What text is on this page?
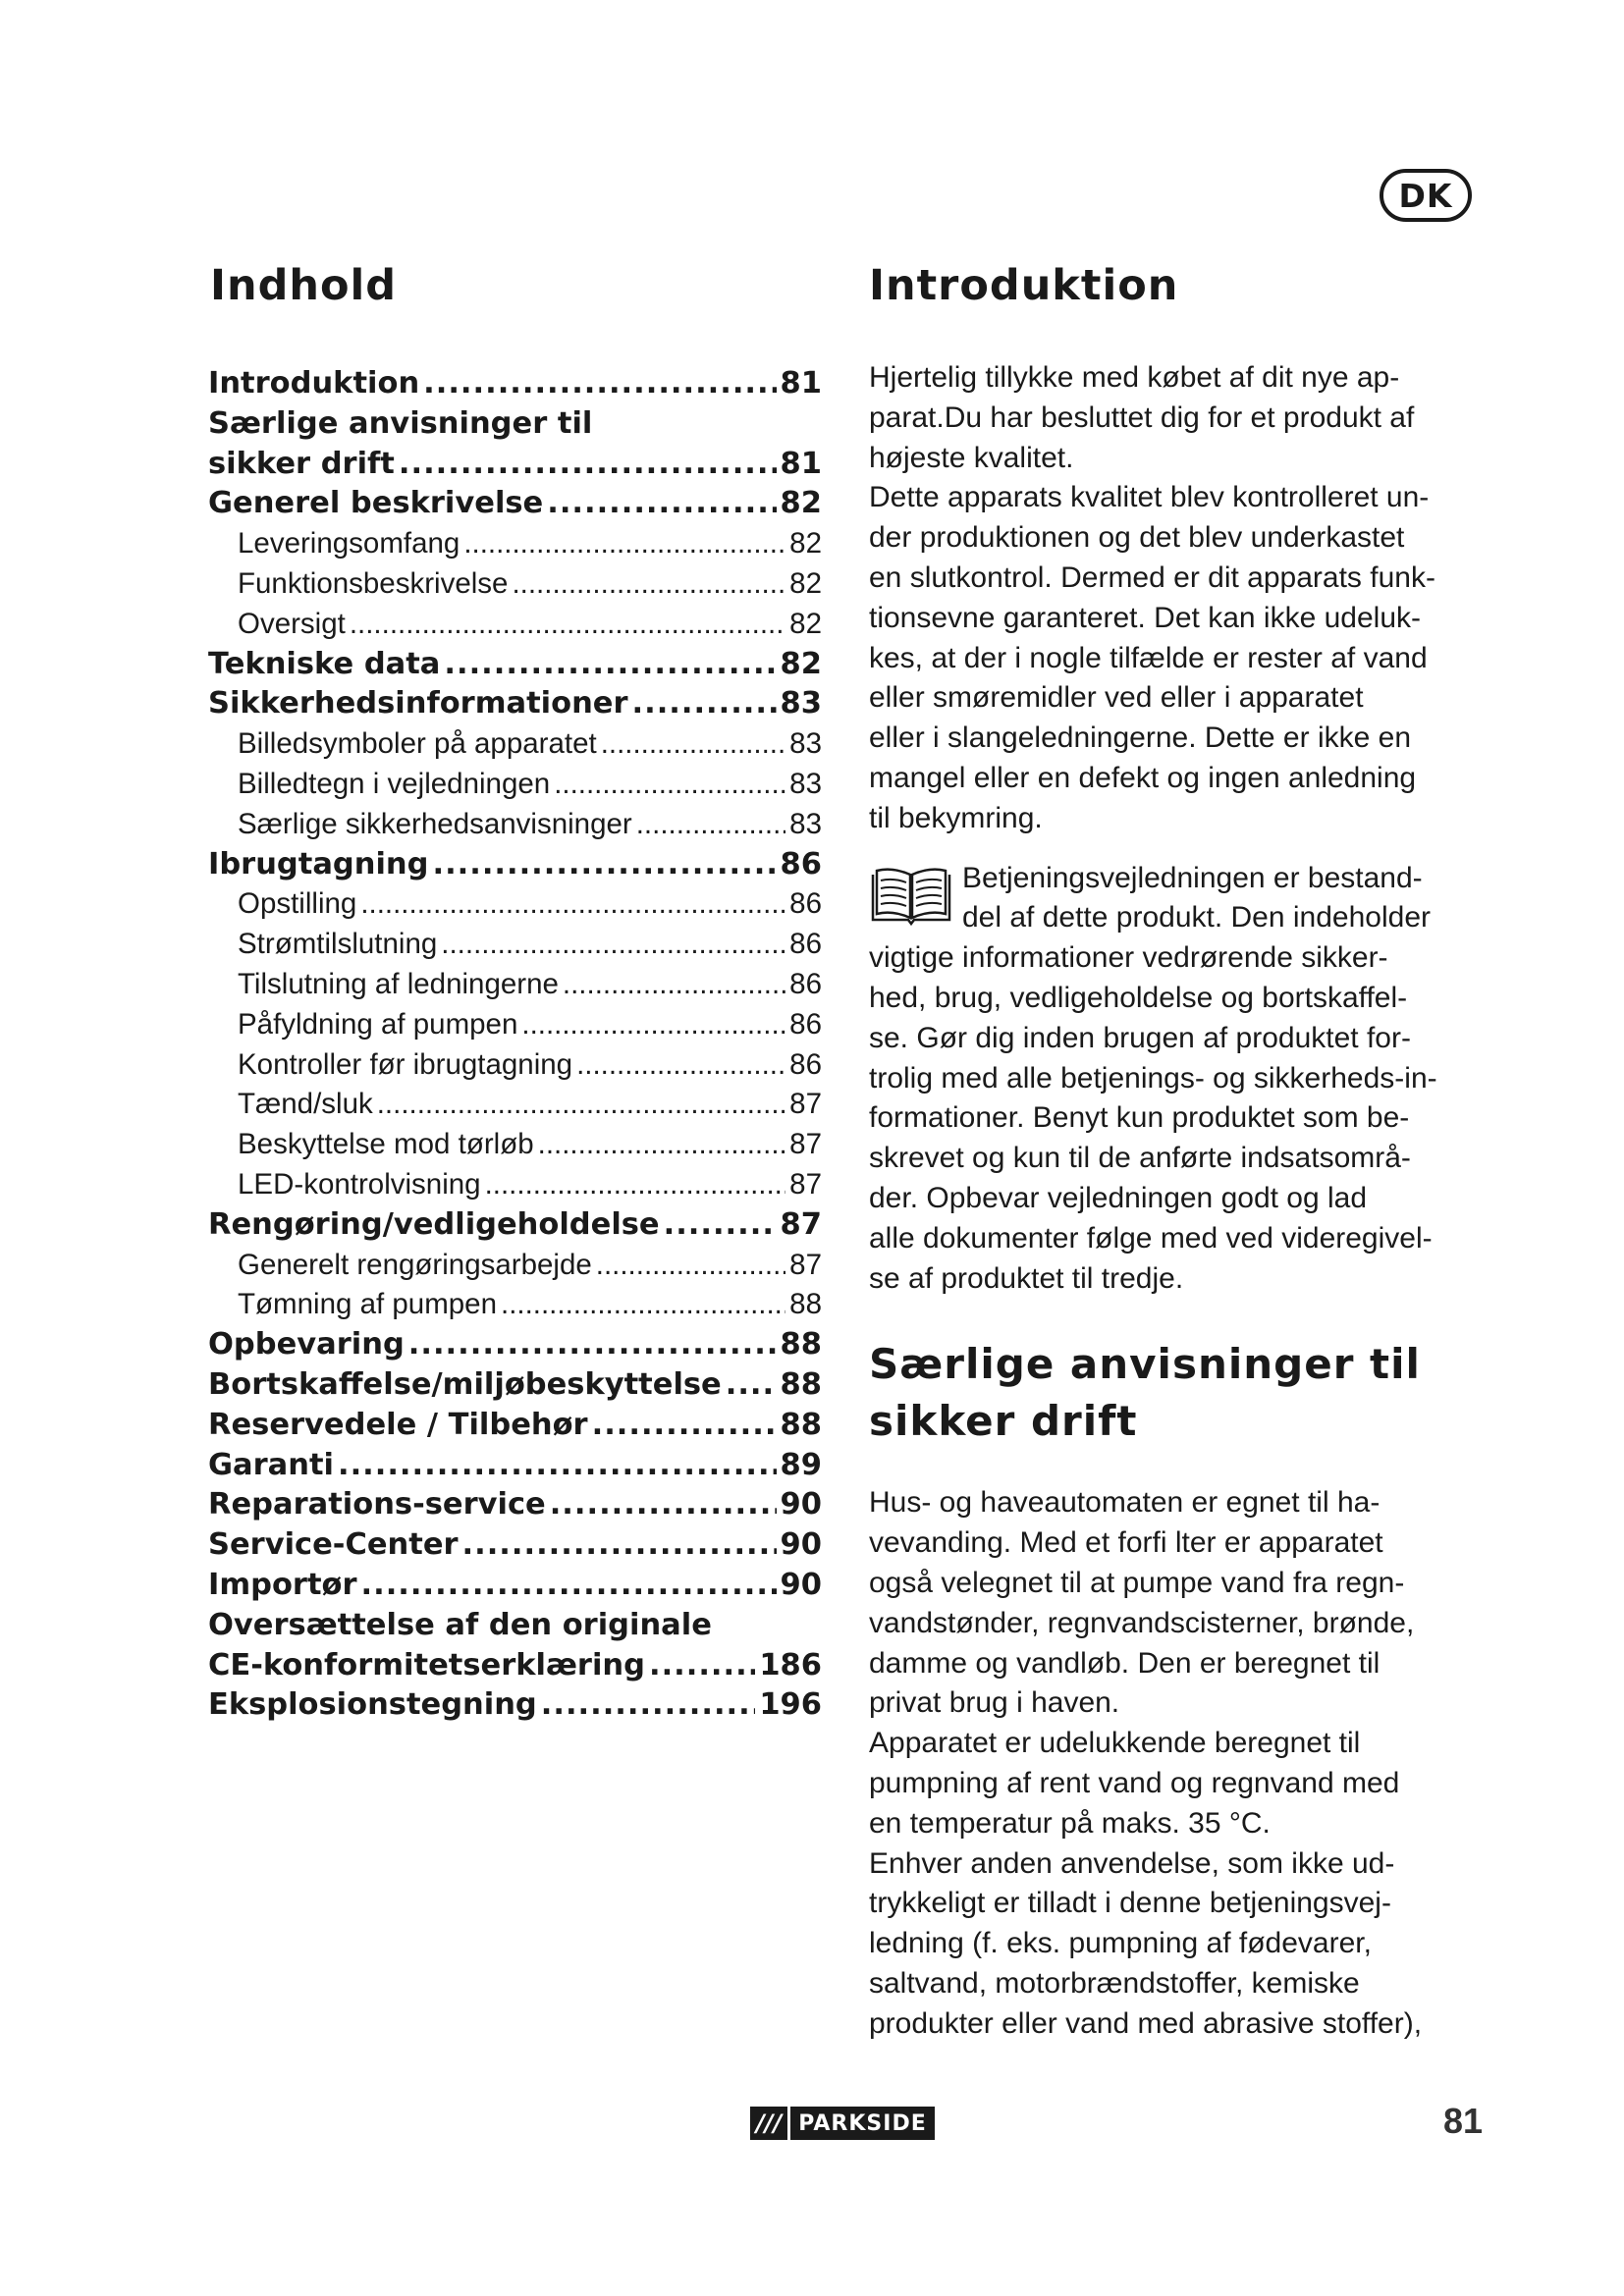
DK
Indhold
Introduktion .....	81
Særlige anvisninger til
sikker drift .....	81
Generel beskrivelse .....	82
Leveringsomfang .....	82
Funktionsbeskrivelse .....	82
Oversigt .....	82
Tekniske data .....	82
Sikkerhedsinformationer .....	83
Billedsymboler på apparatet .....	83
Billedtegn i vejledningen .....	83
Særlige sikkerhedsanvisninger .....	83
Ibrugtagning .....	86
Opstilling .....	86
Strømtilslutning .....	86
Tilslutning af ledningerne .....	86
Påfyldning af pumpen .....	86
Kontroller før ibrugtagning .....	86
Tænd/sluk .....	87
Beskyttelse mod tørløb .....	87
LED-kontrolvisning .....	87
Rengøring/vedligeholdelse .....	87
Generelt rengøringsarbejde .....	87
Tømning af pumpen .....	88
Opbevaring .....	88
Bortskaffelse/miljøbeskyttelse ..... 88
Reservedele / Tilbehør .....	88
Garanti .....	89
Reparations-service .....	90
Service-Center .....	90
Importør .....	90
Oversættelse af den originale
CE-konformitetserklæring .....	186
Eksplosionstegning .....	196
Introduktion

Hjertelig tillykke med købet af dit nye ap-
parat.Du har besluttet dig for et produkt af
højeste kvalitet.
Dette apparats kvalitet blev kontrolleret un-
der produktionen og det blev underkastet
en slutkontrol. Dermed er dit apparats funk-
tionsevne garanteret. Det kan ikke udeluk-
kes, at der i nogle tilfælde er rester af vand
eller smøremidler ved eller i apparatet
eller i slangeledningerne. Dette er ikke en
mangel eller en defekt og ingen anledning
til bekymring.

Betjeningsvejledningen er bestand-
del af dette produkt. Den indeholder
vigtige informationer vedrørende sikker-
hed, brug, vedligeholdelse og bortskaffel-
se. Gør dig inden brugen af produktet for-
trolig med alle betjenings- og sikkerheds-in-
formationer. Benyt kun produktet som be-
skrevet og kun til de anførte indsatsområ-
der. Opbevar vejledningen godt og lad
alle dokumenter følge med ved videregivel-
se af produktet til tredje.

Særlige anvisninger til
sikker drift

Hus- og haveautomaten er egnet til ha-
vevanding. Med et forfi lter er apparatet
også velegnet til at pumpe vand fra regn-
vandstønder, regnvandscisterner, brønde,
damme og vandløb. Den er beregnet til
privat brug i haven.
Apparatet er udelukkende beregnet til
pumpning af rent vand og regnvand med
en temperatur på maks. 35 °C.
Enhver anden anvendelse, som ikke ud-
trykkeligt er tilladt i denne betjeningsvej-
ledning (f. eks. pumpning af fødevarer,
saltvand, motorbrændstoffer, kemiske
produkter eller vand med abrasive stoffer),

/// PARKSIDE	81
